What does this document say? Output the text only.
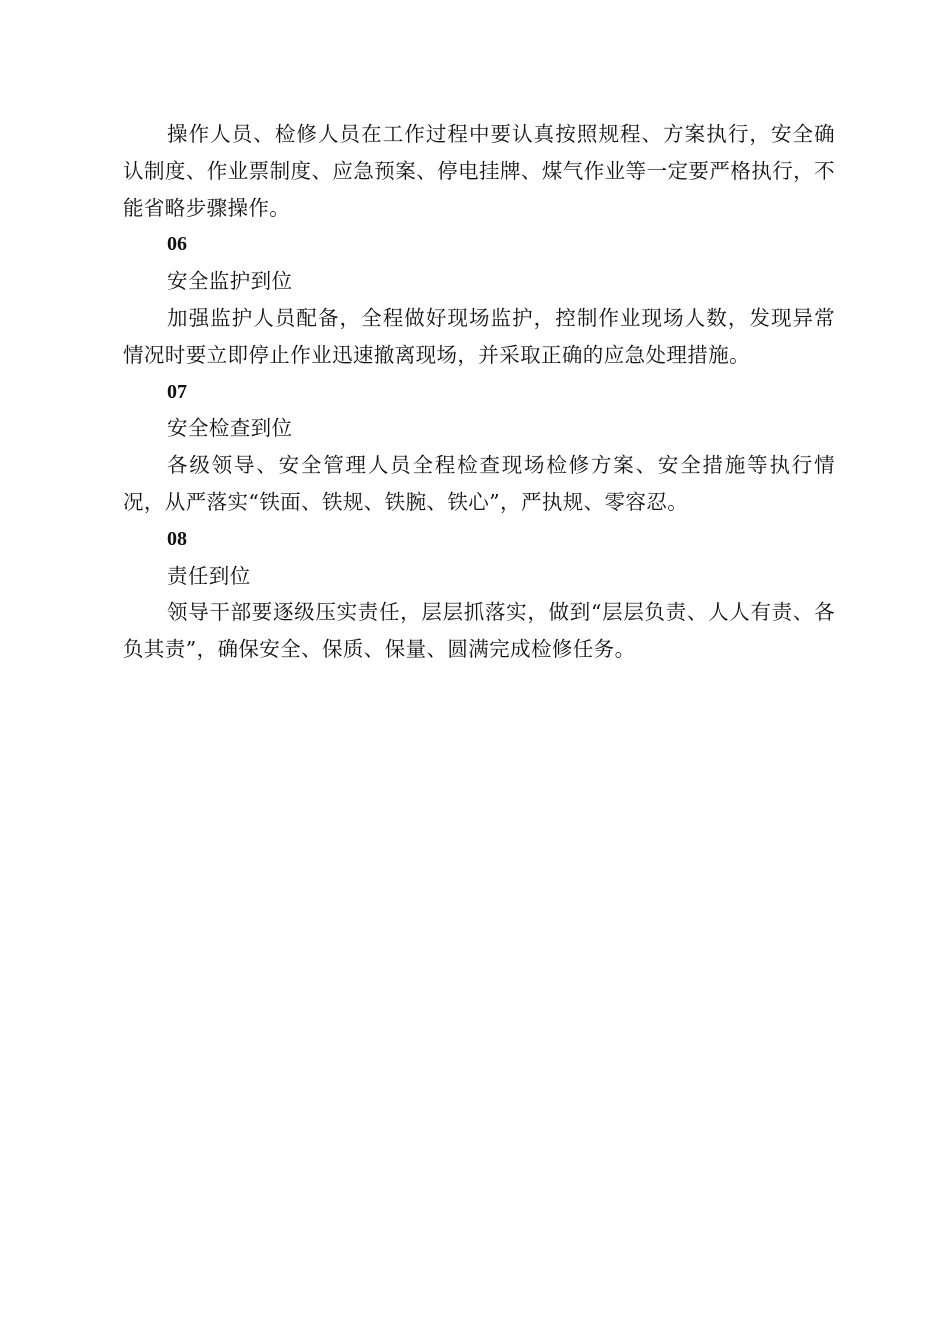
操作人员、检修人员在工作过程中要认真按照规程、方案执行，安全确认制度、作业票制度、应急预案、停电挂牌、煤气作业等一定要严格执行，不能省略步骤操作。

06

安全监护到位

加强监护人员配备，全程做好现场监护，控制作业现场人数，发现异常情况时要立即停止作业迅速撤离现场，并采取正确的应急处理措施。

07

安全检查到位

各级领导、安全管理人员全程检查现场检修方案、安全措施等执行情况，从严落实“铁面、铁规、铁腕、铁心”，严执规、零容忍。

08

责任到位

领导干部要逐级压实责任，层层抓落实，做到“层层负责、人人有责、各负其责”，确保安全、保质、保量、圆满完成检修任务。
